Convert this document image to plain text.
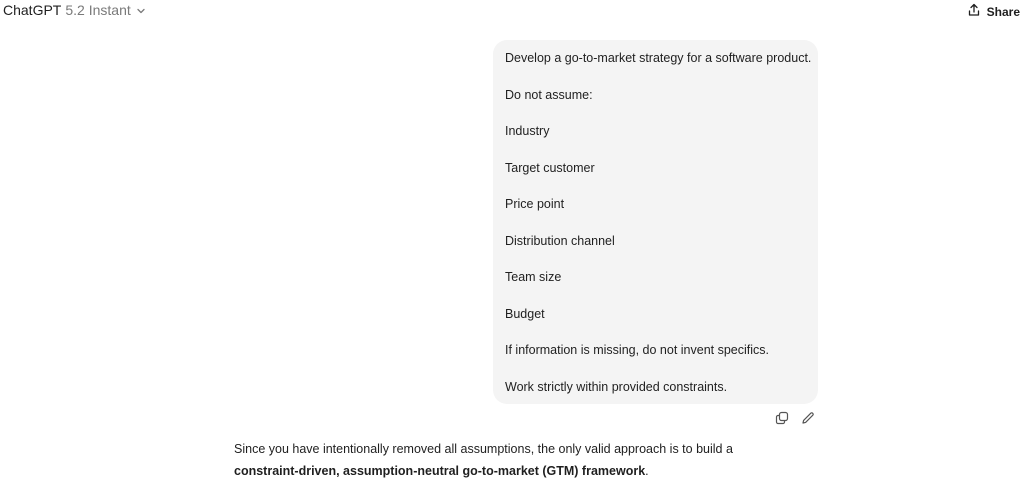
ChatGPT 5.2 Instant	Share

Develop a go-to-market strategy for a software product.

Do not assume:

Industry

Target customer

Price point

Distribution channel

Team size

Budget

If information is missing, do not invent specifics.

Work strictly within provided constraints.

Since you have intentionally removed all assumptions, the only valid approach is to build a constraint-driven, assumption-neutral go-to-market (GTM) framework.
